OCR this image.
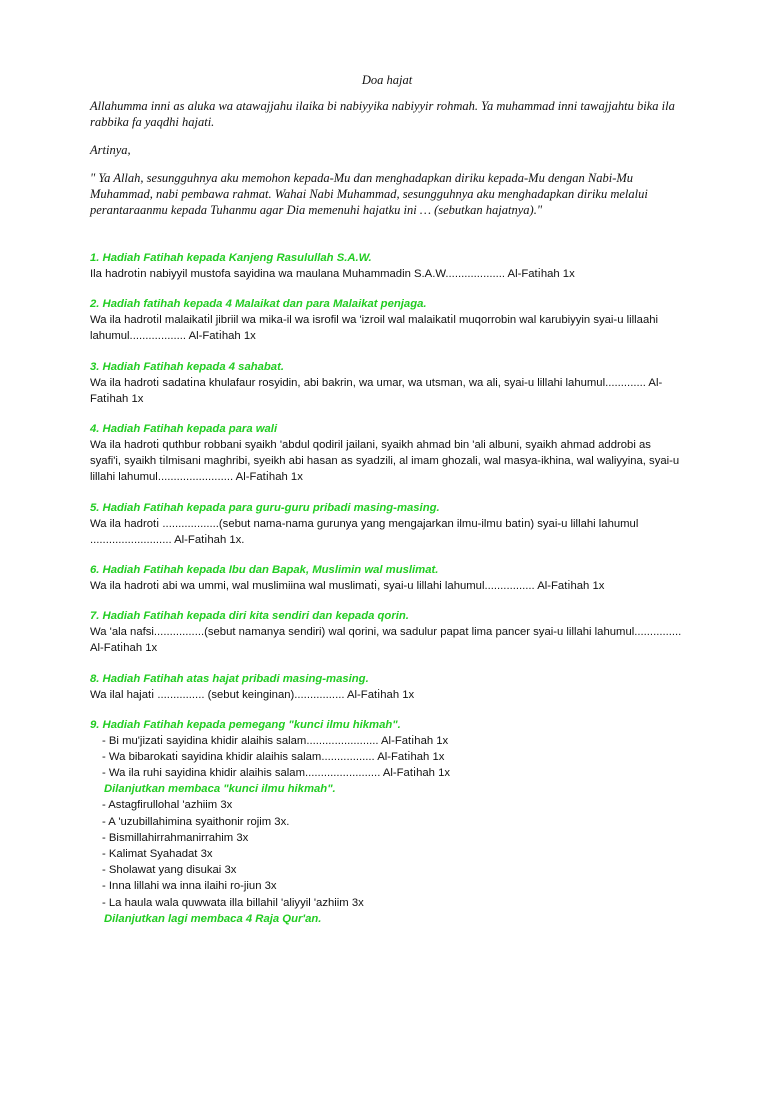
Doa hajat
Allahumma inni as aluka wa atawajjahu ilaika bi nabiyyika nabiyyir rohmah. Ya muhammad inni tawajjahtu bika ila rabbika fa yaqdhi hajati.
Artinya,
" Ya Allah, sesungguhnya aku memohon kepada-Mu dan menghadapkan diriku kepada-Mu dengan Nabi-Mu Muhammad, nabi pembawa rahmat. Wahai Nabi Muhammad, sesungguhnya aku menghadapkan diriku melalui perantaraanmu kepada Tuhanmu agar Dia memenuhi hajatku ini … (sebutkan hajatnya)."
1. Hadiah Fatihah kepada Kanjeng Rasulullah S.A.W.
Ila hadrotı̇n nabiyyil mustofa sayidina wa maulana Muhammadin S.A.W................... Al-Fatı̇hah 1x
2. Hadiah fatihah kepada 4 Malaikat dan para Malaikat penjaga.
Wa ila hadrotı̇l malaikatı̇l jibriil wa mika-il wa isrofil wa 'izroil wal malaikatı̇l muqorrobin wal karubiyyin syai-u lillaahi lahumul.................. Al-Fatı̇hah 1x
3. Hadiah Fatihah kepada 4 sahabat.
Wa ila hadrotı̇ sadatı̇na khulafaur rosyidin, abi bakrin, wa umar, wa utsman, wa ali, syai-u lillahi lahumul............. Al-Fatı̇hah 1x
4. Hadiah Fatihah kepada para wali
Wa ila hadrotı̇ quthbur robbani syaikh 'abdul qodiril jailani, syaikh ahmad bin 'ali albuni, syaikh ahmad addrobi as syafi'i, syaikh tı̇lmisani maghribi, syeikh abi hasan as syadzili, al imam ghozali, wal masya-ikhina, wal waliyyina, syai-u lillahi lahumul........................ Al-Fatı̇hah 1x
5. Hadiah Fatihah kepada para guru-guru pribadi masing-masing.
Wa ila hadrotı̇ ..................(sebut nama-nama gurunya yang mengajarkan ilmu-ilmu batı̇n) syai-u lillahi lahumul .......................... Al-Fatı̇hah 1x.
6. Hadiah Fatihah kepada Ibu dan Bapak, Muslimin wal muslimat.
Wa ila hadrotı̇ abi wa ummi, wal muslimiina wal muslimatı̇, syai-u lillahi lahumul................ Al-Fatı̇hah 1x
7. Hadiah Fatihah kepada diri kita sendiri dan kepada qorin.
Wa 'ala nafsi................(sebut namanya sendiri) wal qorini, wa sadulur papat lima pancer syai-u lillahi lahumul............... Al-Fatı̇hah 1x
8. Hadiah Fatihah atas hajat pribadi masing-masing.
Wa ilal hajatı̇ ............... (sebut keinginan)................ Al-Fatı̇hah 1x
9. Hadiah Fatihah kepada pemegang "kunci ilmu hikmah".
- Bi mu'jizatı̇ sayidina khidir alaihis salam....................... Al-Fatı̇hah 1x
- Wa bibarokatı̇ sayidina khidir alaihis salam................. Al-Fatı̇hah 1x
- Wa ila ruhi sayidina khidir alaihis salam........................ Al-Fatı̇hah 1x
Dilanjutkan membaca "kunci ilmu hikmah".
- Astagfirullohal 'azhiim 3x
- A 'uzubillahimina syaithonir rojim 3x.
- Bismillahirrahmanirrahim 3x
- Kalimat Syahadat 3x
- Sholawat yang disukai 3x
- Inna lillahi wa inna ilaihi ro-jiun 3x
- La haula wala quwwata illa billahil 'aliyyil 'azhiim 3x
Dilanjutkan lagi membaca 4 Raja Qur'an.
